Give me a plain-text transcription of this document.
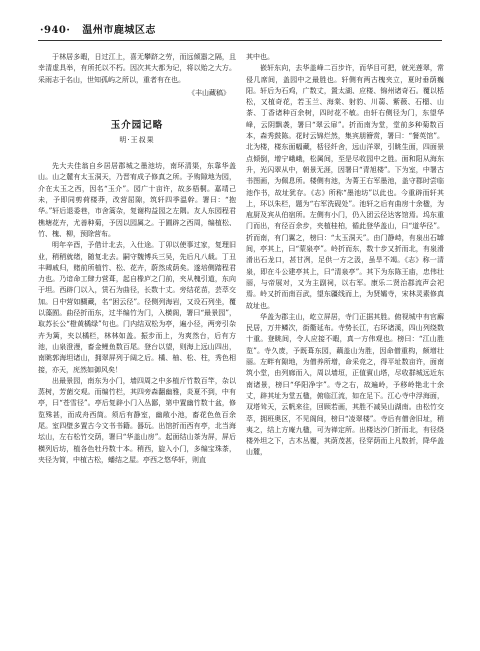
·940· 温州市鹿城区志

于林居多暇，日过江上，喜无攀跻之劳，而远倾嚣之隔，且幸清虚具举，有所托以不朽。因次其大都为记，将以贻之大方。采雨志于名山，世知孤屿之所以，重者有在也。

《丰山藏稿》
玉介园记略
明·王叔果

先大夫佳翁自乡居居郡城之墨池坊，南环清渠，东靠华盖山。山之麓有太玉洞天，乃晋宥成子修真之所。予购隙地为园，介在太玉之西，因名“玉介”。园广十亩许，故多梧桐。嘉靖己未，予即同剪荷楼莽，改营屈隙，筑轩四季温幹。署曰：“抱华。”轩后退委巷，市舍篙杂，复谢构益园之左隅。友人东园程君樵塘花卉，尤善种菊，予因以园属之。于圃辟之西周，编植松、竹、槐、柳，预除营布。

明年辛酉，予借计北去，入仕途。丁卯以使事过家，复理旧业，稍稍就绪，随复北去。嗣守魏博兵三吴，先后凡八载。丁丑丰卿戚归，赌前所植竹、松、花卉，蔚然成荫矣。遂培侧踏程君力也。乃谙命工肆力营葺，起自橡庐之门前，夹从槐引道，东向于坦。西辟门以入，赁石为曲径，长数十丈。旁结花苗，芸萃交加。日中营如醐藏，名“困云径”。径侧列海岩，又设石列坐，覆以藻囿。曲径折而东，过半编竹为门，入横阁，署曰“最景园”，取苏长公“橙黄橘绿”句也。门内结双松为亭，遍小径，两旁引杂卉为篱，夹以橘栏，林林如盖。振步而上，为爽然台，后有方池，山泉澄漫，畜金鲤鱼数百尾。登台以望，则海上远山四出，南眺郭海坦诸山，拥翠屏列于阔之后。橘、柚、松、柱，秀色相接，亦天，庑然如御风矣！

出最景园，南东为小门，墙四周之中多植斤竹数百竿，杂以蒸树，芳菌交观。而编竹栏，其四旁森翻幽雅，炎夏不到，中有亭，曰“苍雪径”。亭后复辟小门入丛鄙，第中置幽竹数十盆，修览殊甚，而成舟西筒。须后有静室，幽敞小池，畜花色鱼百余尾。室四壁多置古今文书书籍。器玩。出馆折而西有亭，北当海坛山，左右松竹交荫，署曰“华盖山房”。起面结山茶为屏，屏后横列后坊，植各色牡丹数十本。稍西，旋入小门，多编宝珠茶，夹径为简，中植古松，蟠结之屋。亭西之悠华轩，则直

其中也。

嵌轩东向，去华盖峰二百步许，而华目可把，就光莲翠，常侵几席间，盖园中之最胜也。轩侧有两古槐夹立，夏时垂荫巍阳。轩后为石鸡，广数丈，置太湖、应楼、锦州诸奇石。覆以栝松，又植奇花，若玉兰、海棠、射豹、川蒻、紫薇、石榴、山茶、丁香诸种百余树，四时花不敏。由轩右侧径为门，东望华峰，云阴飘袭，署曰“翠云扉”。折而南为堂，堂前多种菊数百本，森秀鼓陈。花时云锦烂然，集宾朋簪赏，署曰：“餐英馆”。北为楼，楼东面幅藏，栝径纤舍，远山洋翠，引眺生面，四面景点倾倒，增宁峨峨，松属间，至是尽收园中之胜。面和阳从海东升，光闪翠从中，朝景无涯，因署曰“青旭楼”。下为室，中署古书图画，为佩息所。楼侧有池，为菁王右军墨池，盖守郡时尝临池作书，故址犹存。《志》所称“墨池坊”以此也。今重辟而轩其上，环以朱栏，题为“右军洗砚处”。池轩之后有曲房十余楹，为庖厨及宾从伯宿所。左侧有小门，仍入团云径达客馆焉。坞东重门而出，有径百余步，夹植桂柏，循此登华盖山，曰“道华径”。折而南，有门翼之，榜曰：“太玉洞天”。由门静峙，有泉出石罅间，亭其上，曰“蒙泉亭”。岭折而东，数十步又折而北，有泉滑滑出石龙口，甚甘冽，足供一方之汲，虽旱不竭。《志》称一清泉，即在斗公建亭其上，曰“清泉亭”。其下为东陈王庙，忠伟壮丽，与帝展对，又为主副祠，以右军。康乐二贤治郡流声会祀焉。岭又折而南百武，望东疆线而上，为贤孀寺，宋林灵素修真故址也。

华盖为郡主山，屹立屏居，寺门正据其胜。俯视城中有官廨民居，万井鳞次，街衢延布。寺势长江，右环诸溪，四山列绕数十重。登眺间，令人应接不暇，真一方伟观也。榜曰：“江山胜览”。寺久废，予既葺东园，藕盖山为胜，因命僧重构，颇增壮丽。左畔有隙地，为僧养所增，命采竞之，得平址数亩许，面南筑小堂，由列廊而入，周以墙垣，正值賓山塔，尽收群城远近东南诸景，榜曰“华阳净宇”。寺之右，故遍岭，予移岭艳北十余丈，辟其址为堂五楹，俯临江流，如在足下。江心寺中浮海面，双塔耸天，云帆来往，回顾若画，其胜不减吴山湖南。由松竹交萃，拥班奥区，不见阁间，榜曰“凌翠楼”。寺后有僧舍旧址，稍夷之，结上方庵九楹，可为禅定所。出楼达沙门折而北，有径绕楼外坦之下，古木丛覆，其荫茂甚，径穿荫而上凡数折，降华盖山麓，
